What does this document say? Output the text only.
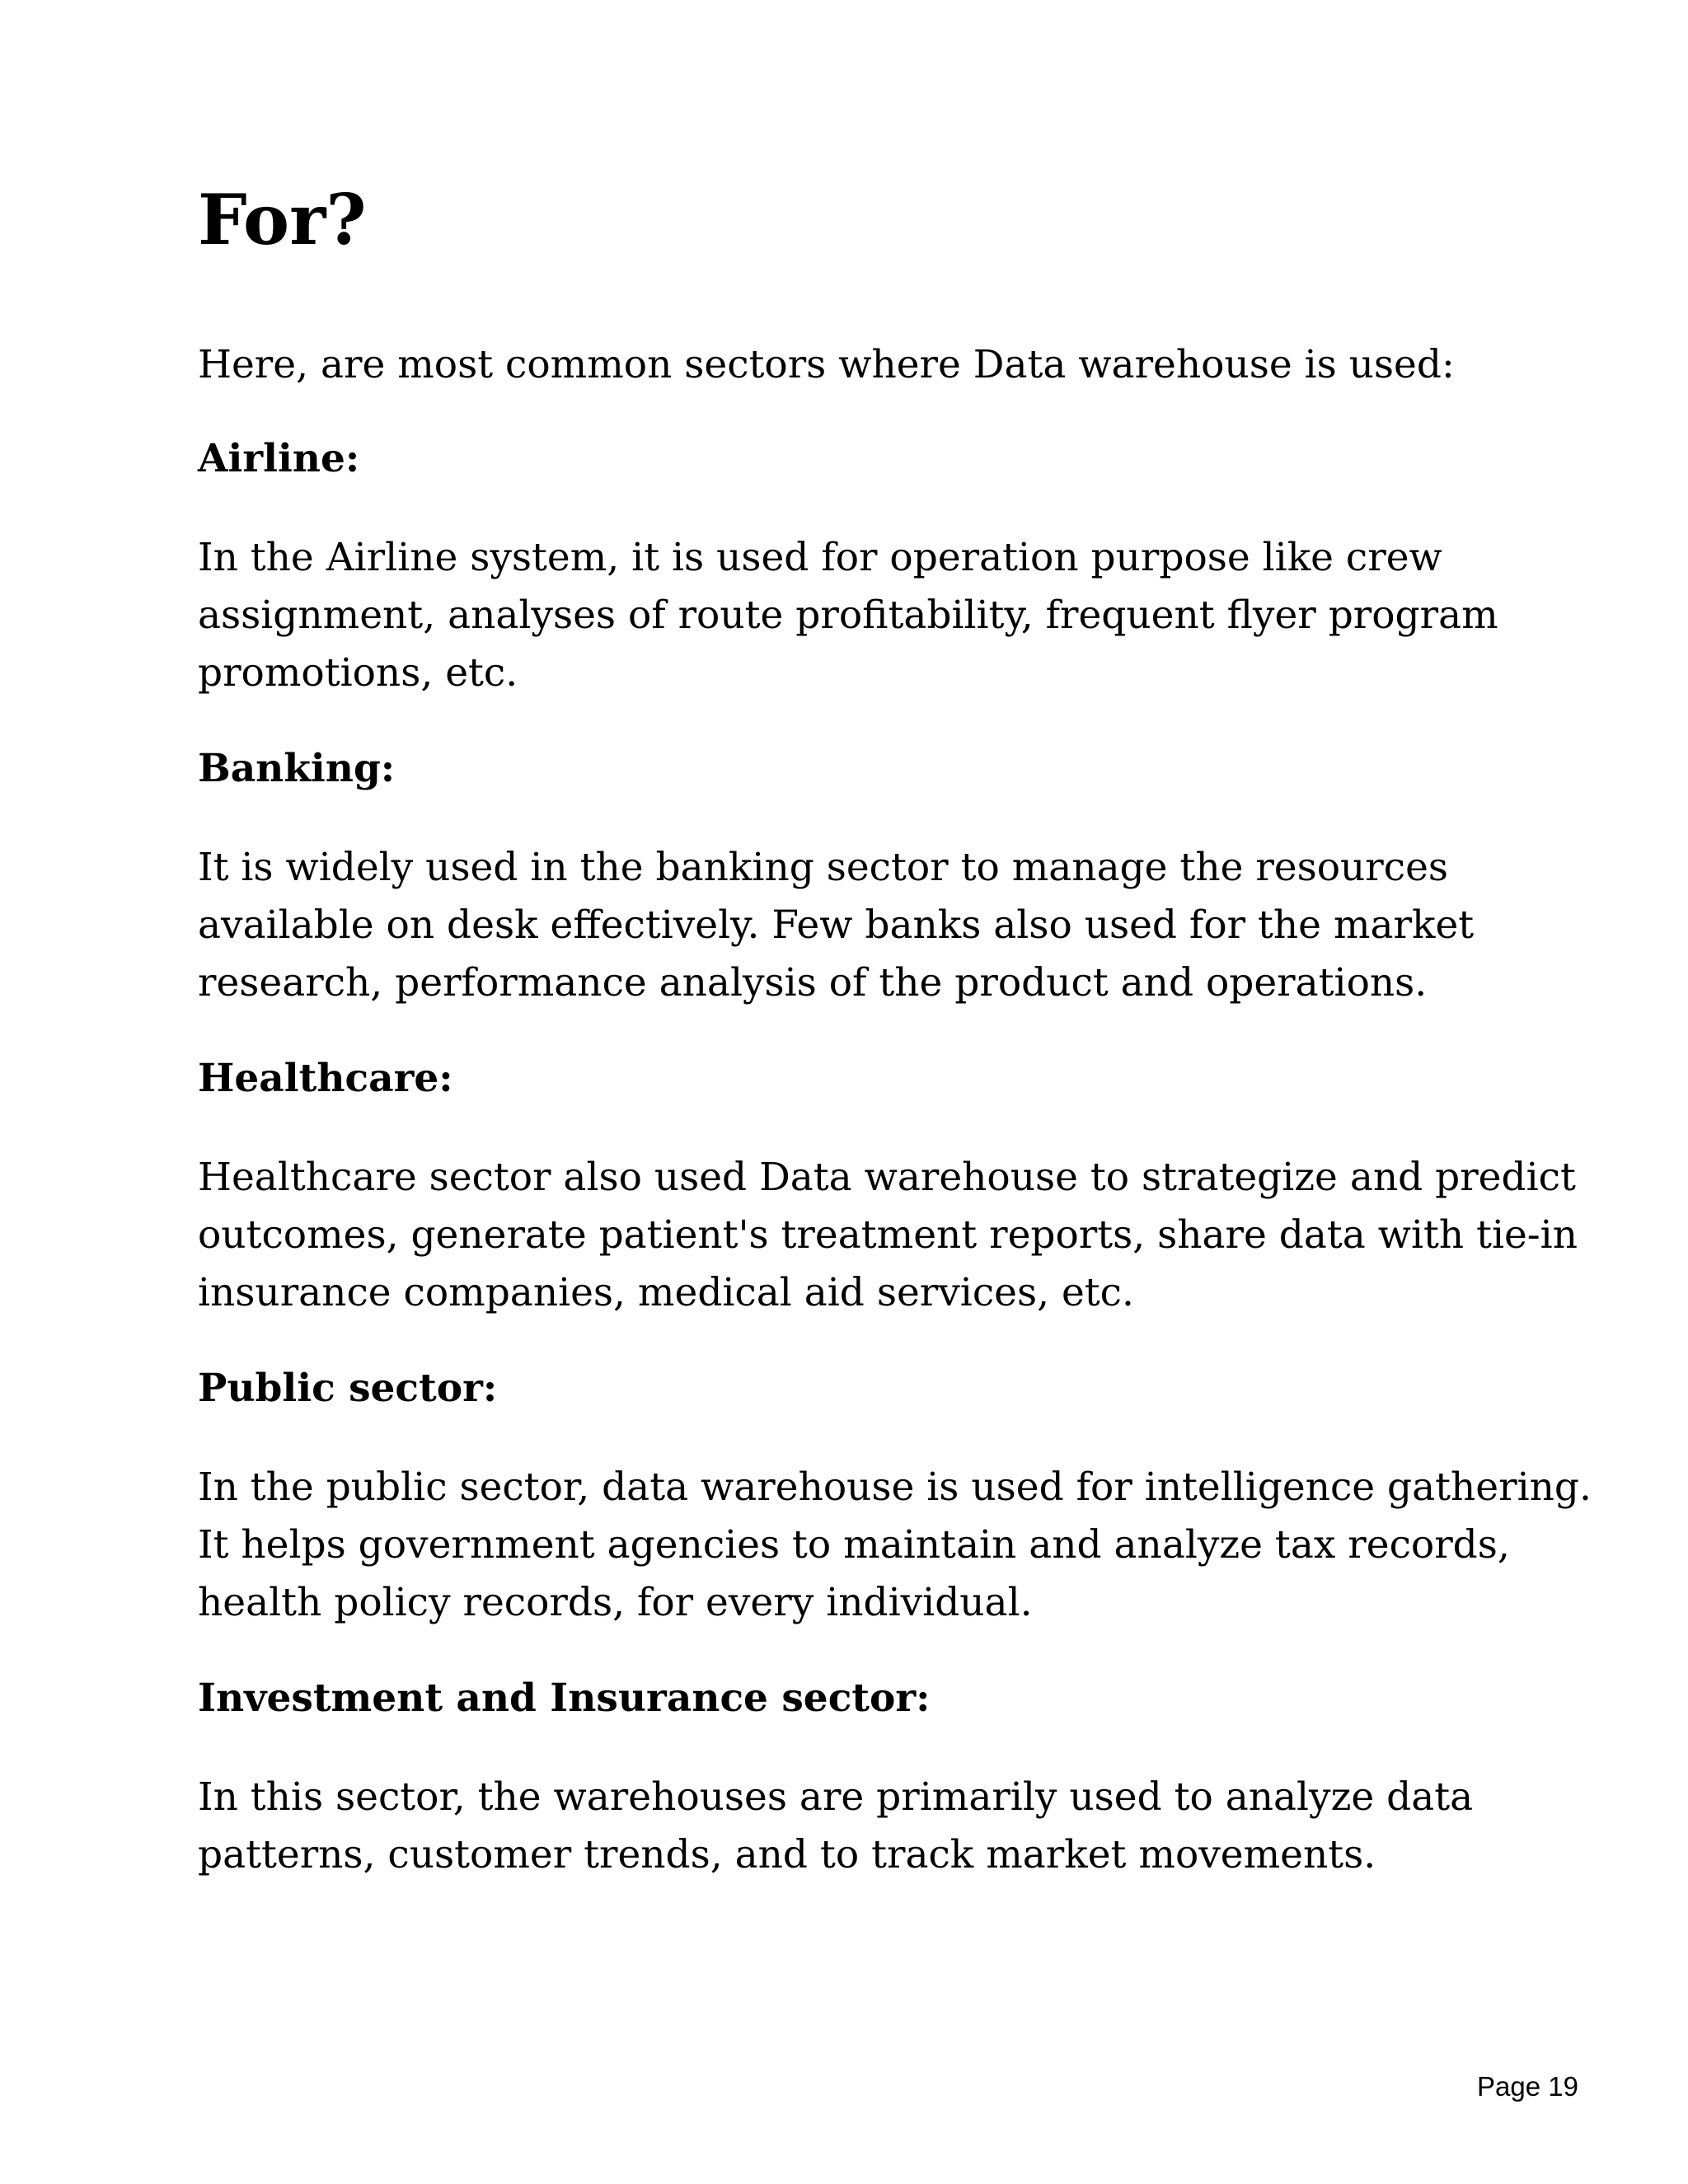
For?

Here, are most common sectors where Data warehouse is used:

Airline:

In the Airline system, it is used for operation purpose like crew
assignment, analyses of route profitability, frequent flyer program
promotions, etc.

Banking:

It is widely used in the banking sector to manage the resources
available on desk effectively. Few banks also used for the market
research, performance analysis of the product and operations.

Healthcare:

Healthcare sector also used Data warehouse to strategize and predict
outcomes, generate patient's treatment reports, share data with tie-in
insurance companies, medical aid services, etc.

Public sector:

In the public sector, data warehouse is used for intelligence gathering.
It helps government agencies to maintain and analyze tax records,
health policy records, for every individual.

Investment and Insurance sector:

In this sector, the warehouses are primarily used to analyze data
patterns, customer trends, and to track market movements.

Page 19
